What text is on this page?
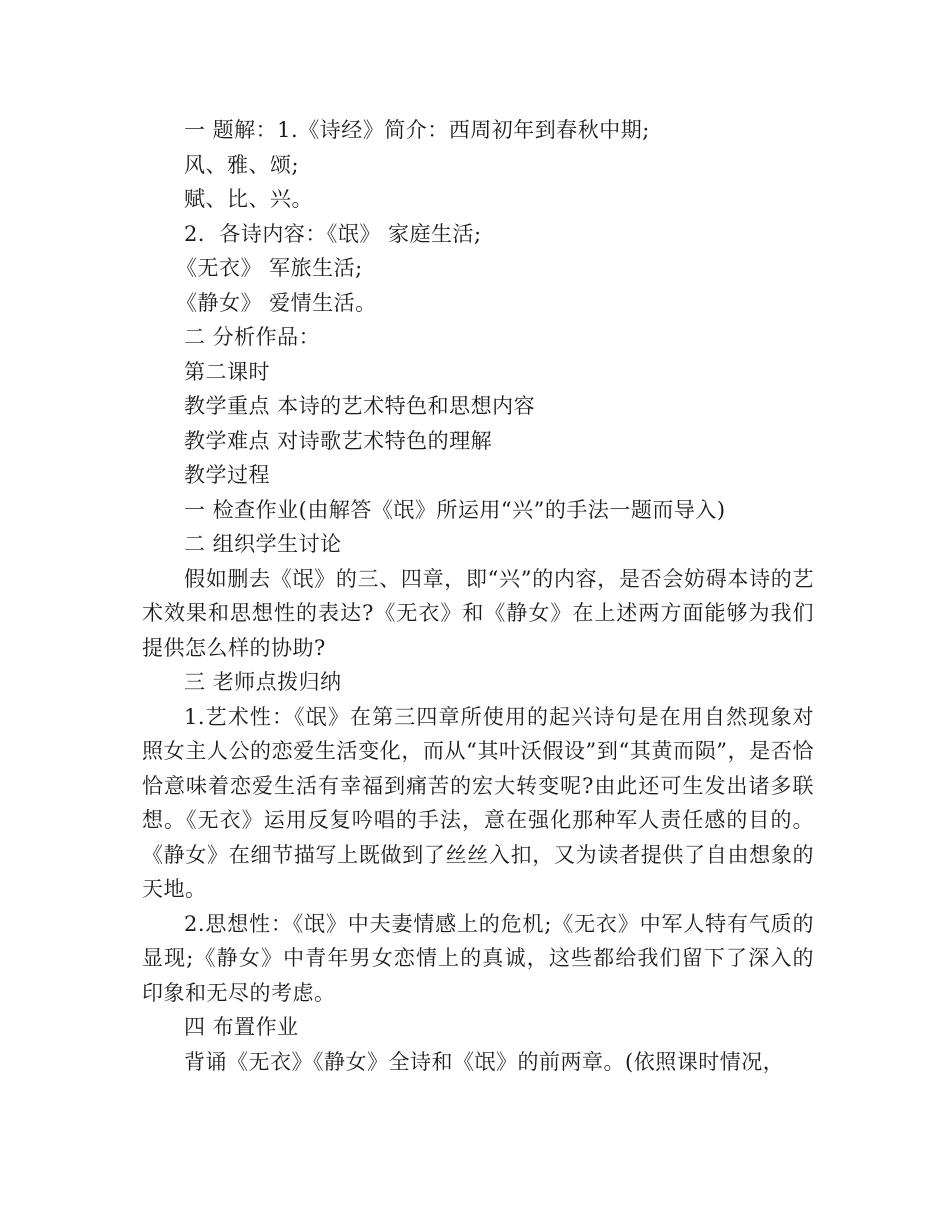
一 题解：1.《诗经》简介：西周初年到春秋中期;
风、雅、颂;
赋、比、兴。
2．各诗内容：《氓》 家庭生活;
《无衣》 军旅生活;
《静女》 爱情生活。
二 分析作品：
第二课时
教学重点 本诗的艺术特色和思想内容
教学难点 对诗歌艺术特色的理解
教学过程
一 检查作业(由解答《氓》所运用“兴”的手法一题而导入)
二 组织学生讨论
假如删去《氓》的三、四章，即“兴”的内容，是否会妨碍本诗的艺术效果和思想性的表达?《无衣》和《静女》在上述两方面能够为我们提供怎么样的协助?
三 老师点拨归纳
1.艺术性：《氓》在第三四章所使用的起兴诗句是在用自然现象对照女主人公的恋爱生活变化，而从“其叶沃假设”到“其黄而陨”，是否恰恰意味着恋爱生活有幸福到痛苦的宏大转变呢?由此还可生发出诸多联想。《无衣》运用反复吟唱的手法，意在强化那种军人责任感的目的。《静女》在细节描写上既做到了丝丝入扣，又为读者提供了自由想象的天地。
2.思想性：《氓》中夫妻情感上的危机;《无衣》中军人特有气质的显现;《静女》中青年男女恋情上的真诚，这些都给我们留下了深入的印象和无尽的考虑。
四 布置作业
背诵《无衣》《静女》全诗和《氓》的前两章。(依照课时情况，
